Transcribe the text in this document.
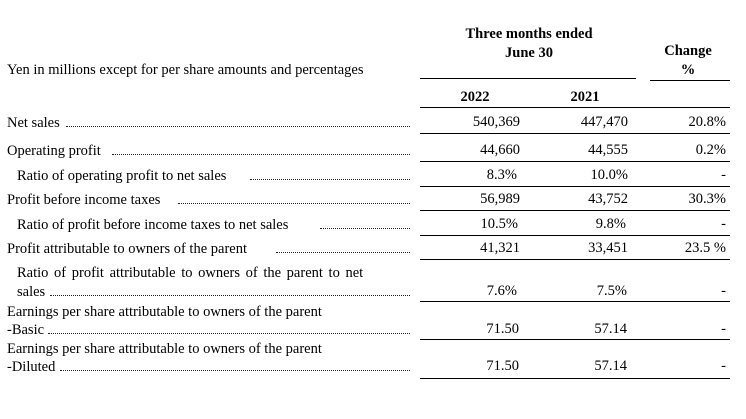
Three months ended
June 30	Change
%
Yen in millions except for per share amounts and percentages
2022	2021
Net sales	540,369	447,470	20.8%
Operating profit	44,660	44,555	0.2%
Ratio of operating profit to net sales	8.3%	10.0%	-
Profit before income taxes	56,989	43,752	30.3%
Ratio of profit before income taxes to net sales	10.5%	9.8%	-
Profit attributable to owners of the parent	41,321	33,451	23.5 %
Ratio of profit attributable to owners of the parent to net
sales	7.6%	7.5%	-
Earnings per share attributable to owners of the parent
-Basic	71.50	57.14	-
Earnings per share attributable to owners of the parent
-Diluted	71.50	57.14	-
